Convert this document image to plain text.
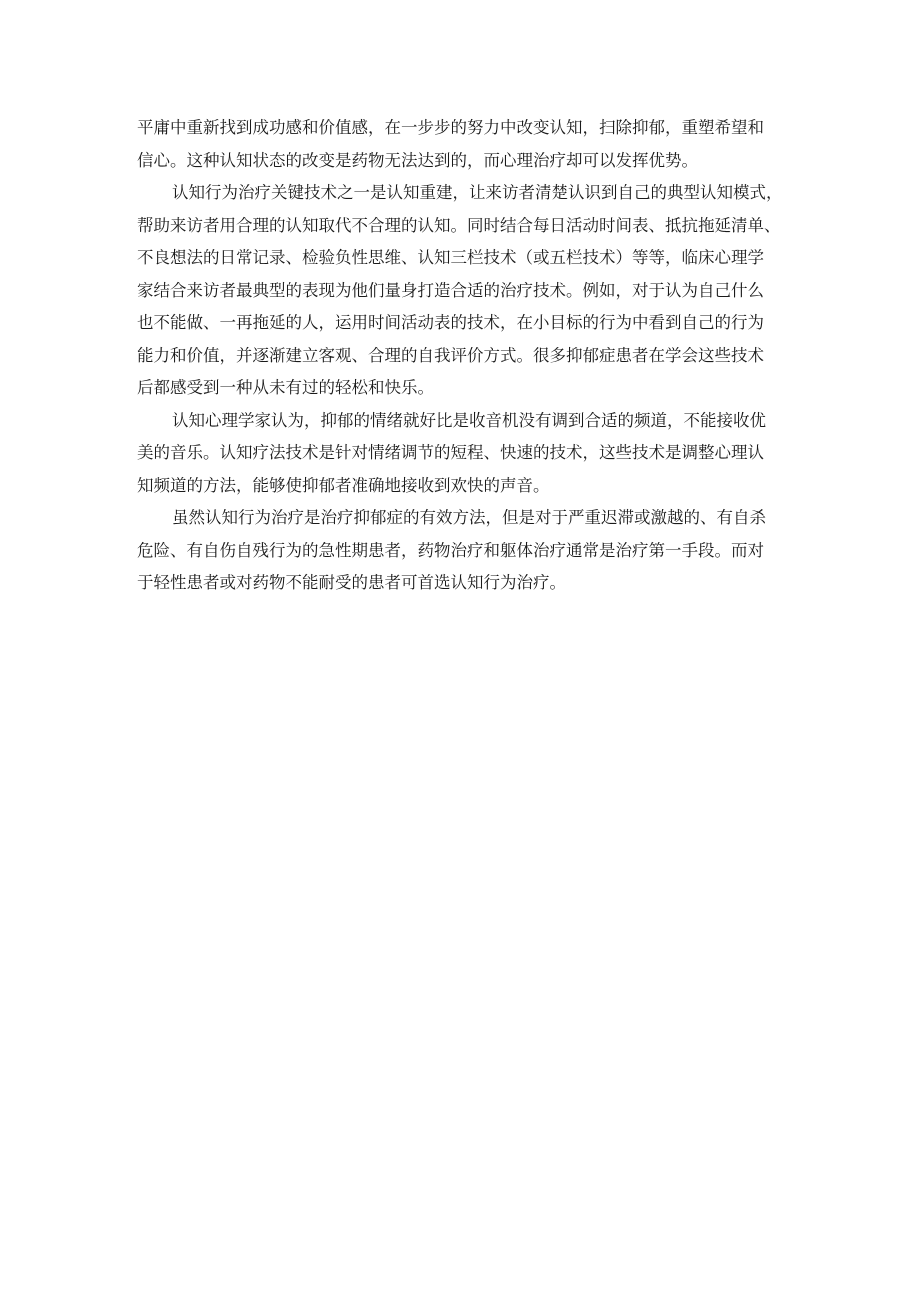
平庸中重新找到成功感和价值感，在一步步的努力中改变认知，扫除抑郁，重塑希望和
信心。这种认知状态的改变是药物无法达到的，而心理治疗却可以发挥优势。
认知行为治疗关键技术之一是认知重建，让来访者清楚认识到自己的典型认知模式，
帮助来访者用合理的认知取代不合理的认知。同时结合每日活动时间表、抵抗拖延清单、
不良想法的日常记录、检验负性思维、认知三栏技术（或五栏技术）等等，临床心理学
家结合来访者最典型的表现为他们量身打造合适的治疗技术。例如，对于认为自己什么
也不能做、一再拖延的人，运用时间活动表的技术，在小目标的行为中看到自己的行为
能力和价值，并逐渐建立客观、合理的自我评价方式。很多抑郁症患者在学会这些技术
后都感受到一种从未有过的轻松和快乐。
认知心理学家认为，抑郁的情绪就好比是收音机没有调到合适的频道，不能接收优
美的音乐。认知疗法技术是针对情绪调节的短程、快速的技术，这些技术是调整心理认
知频道的方法，能够使抑郁者准确地接收到欢快的声音。
虽然认知行为治疗是治疗抑郁症的有效方法，但是对于严重迟滞或激越的、有自杀
危险、有自伤自残行为的急性期患者，药物治疗和躯体治疗通常是治疗第一手段。而对
于轻性患者或对药物不能耐受的患者可首选认知行为治疗。
